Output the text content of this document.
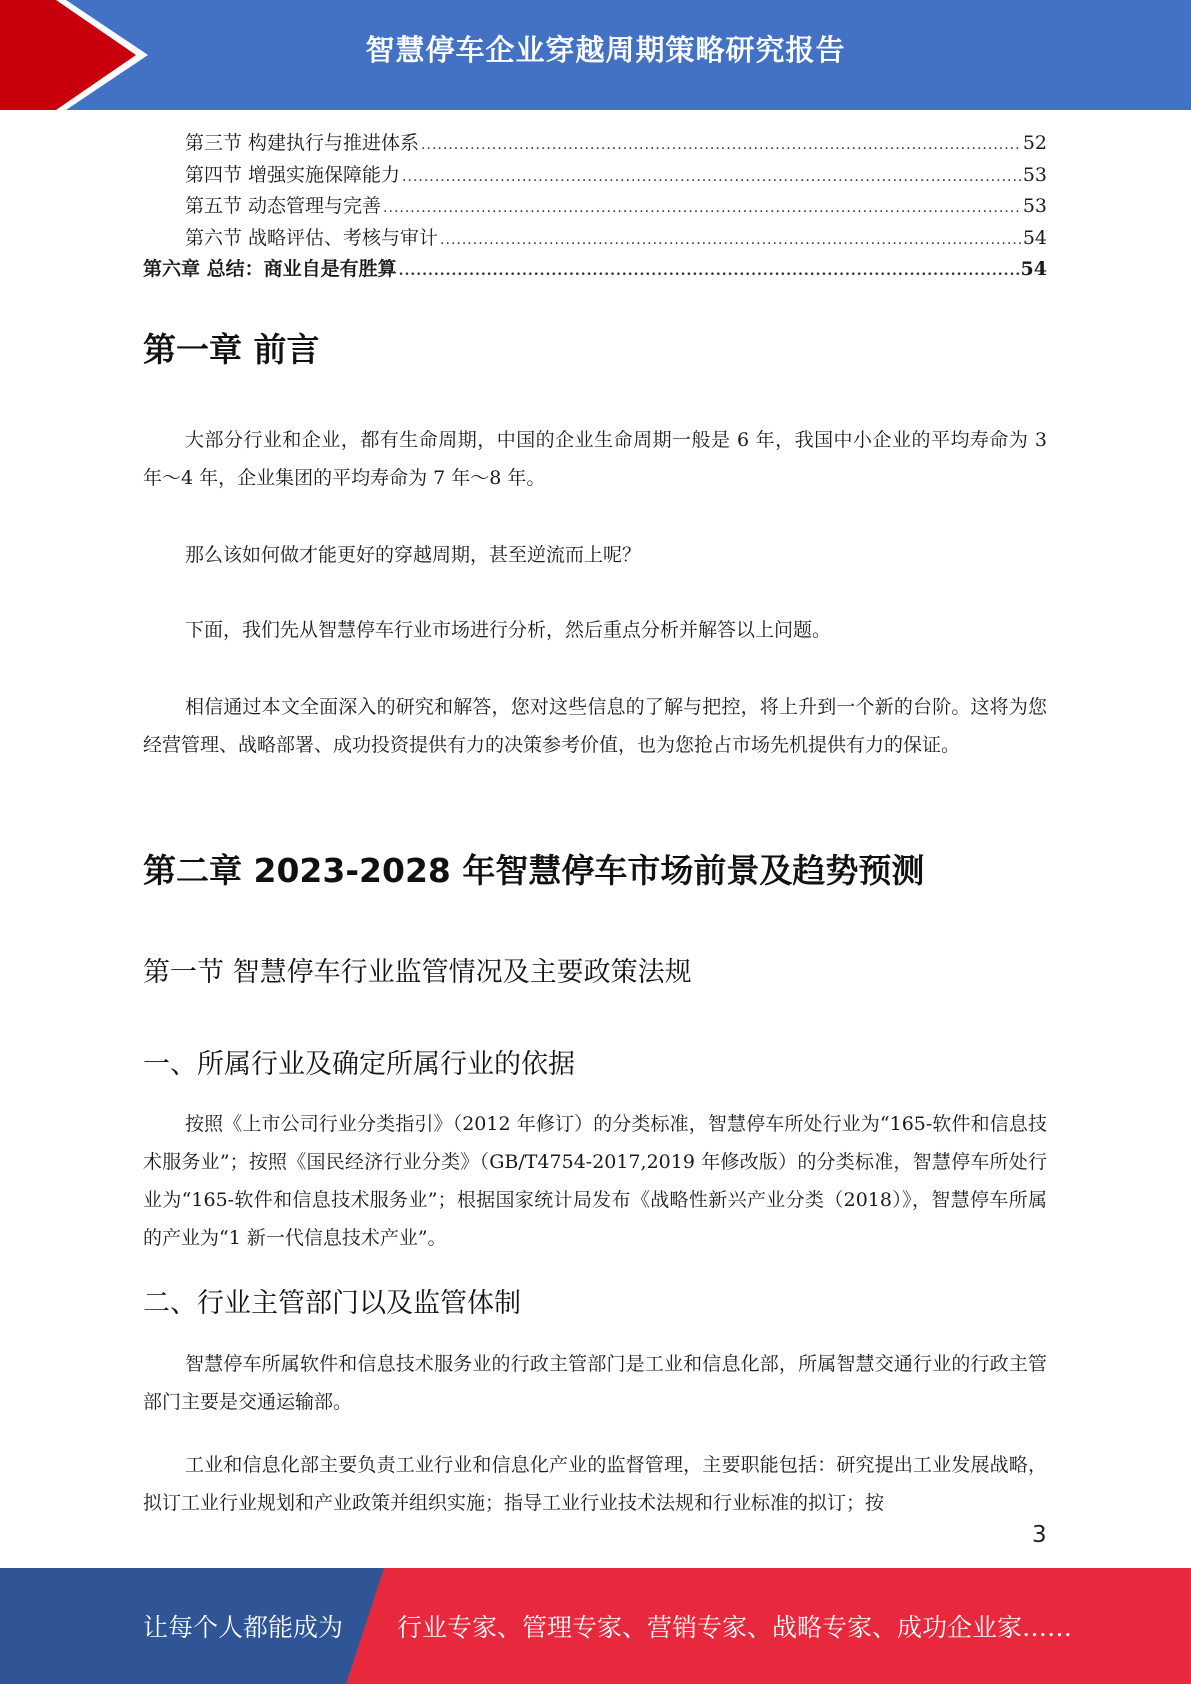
智慧停车企业穿越周期策略研究报告
第三节 构建执行与推进体系 .....	52
第四节 增强实施保障能力 .....	53
第五节 动态管理与完善 .....	53
第六节 战略评估、考核与审计 .....	54
第六章 总结：商业自是有胜算 .....	54
第一章 前言
大部分行业和企业，都有生命周期，中国的企业生命周期一般是 6 年，我国中小企业的平均寿命为 3 年～4 年，企业集团的平均寿命为 7 年～8 年。
那么该如何做才能更好的穿越周期，甚至逆流而上呢？
下面，我们先从智慧停车行业市场进行分析，然后重点分析并解答以上问题。
相信通过本文全面深入的研究和解答，您对这些信息的了解与把控，将上升到一个新的台阶。这将为您经营管理、战略部署、成功投资提供有力的决策参考价值，也为您抢占市场先机提供有力的保证。
第二章 2023-2028 年智慧停车市场前景及趋势预测
第一节 智慧停车行业监管情况及主要政策法规
一、所属行业及确定所属行业的依据
按照《上市公司行业分类指引》（2012 年修订）的分类标准，智慧停车所处行业为“165-软件和信息技术服务业”；按照《国民经济行业分类》（GB/T4754-2017,2019 年修改版）的分类标准，智慧停车所处行业为“165-软件和信息技术服务业”；根据国家统计局发布《战略性新兴产业分类（2018）》，智慧停车所属的产业为“1 新一代信息技术产业”。
二、行业主管部门以及监管体制
智慧停车所属软件和信息技术服务业的行政主管部门是工业和信息化部，所属智慧交通行业的行政主管部门主要是交通运输部。
工业和信息化部主要负责工业行业和信息化产业的监督管理，主要职能包括：研究提出工业发展战略，拟订工业行业规划和产业政策并组织实施；指导工业行业技术法规和行业标准的拟订；按
3
让每个人都能成为 行业专家、管理专家、营销专家、战略专家、成功企业家……
